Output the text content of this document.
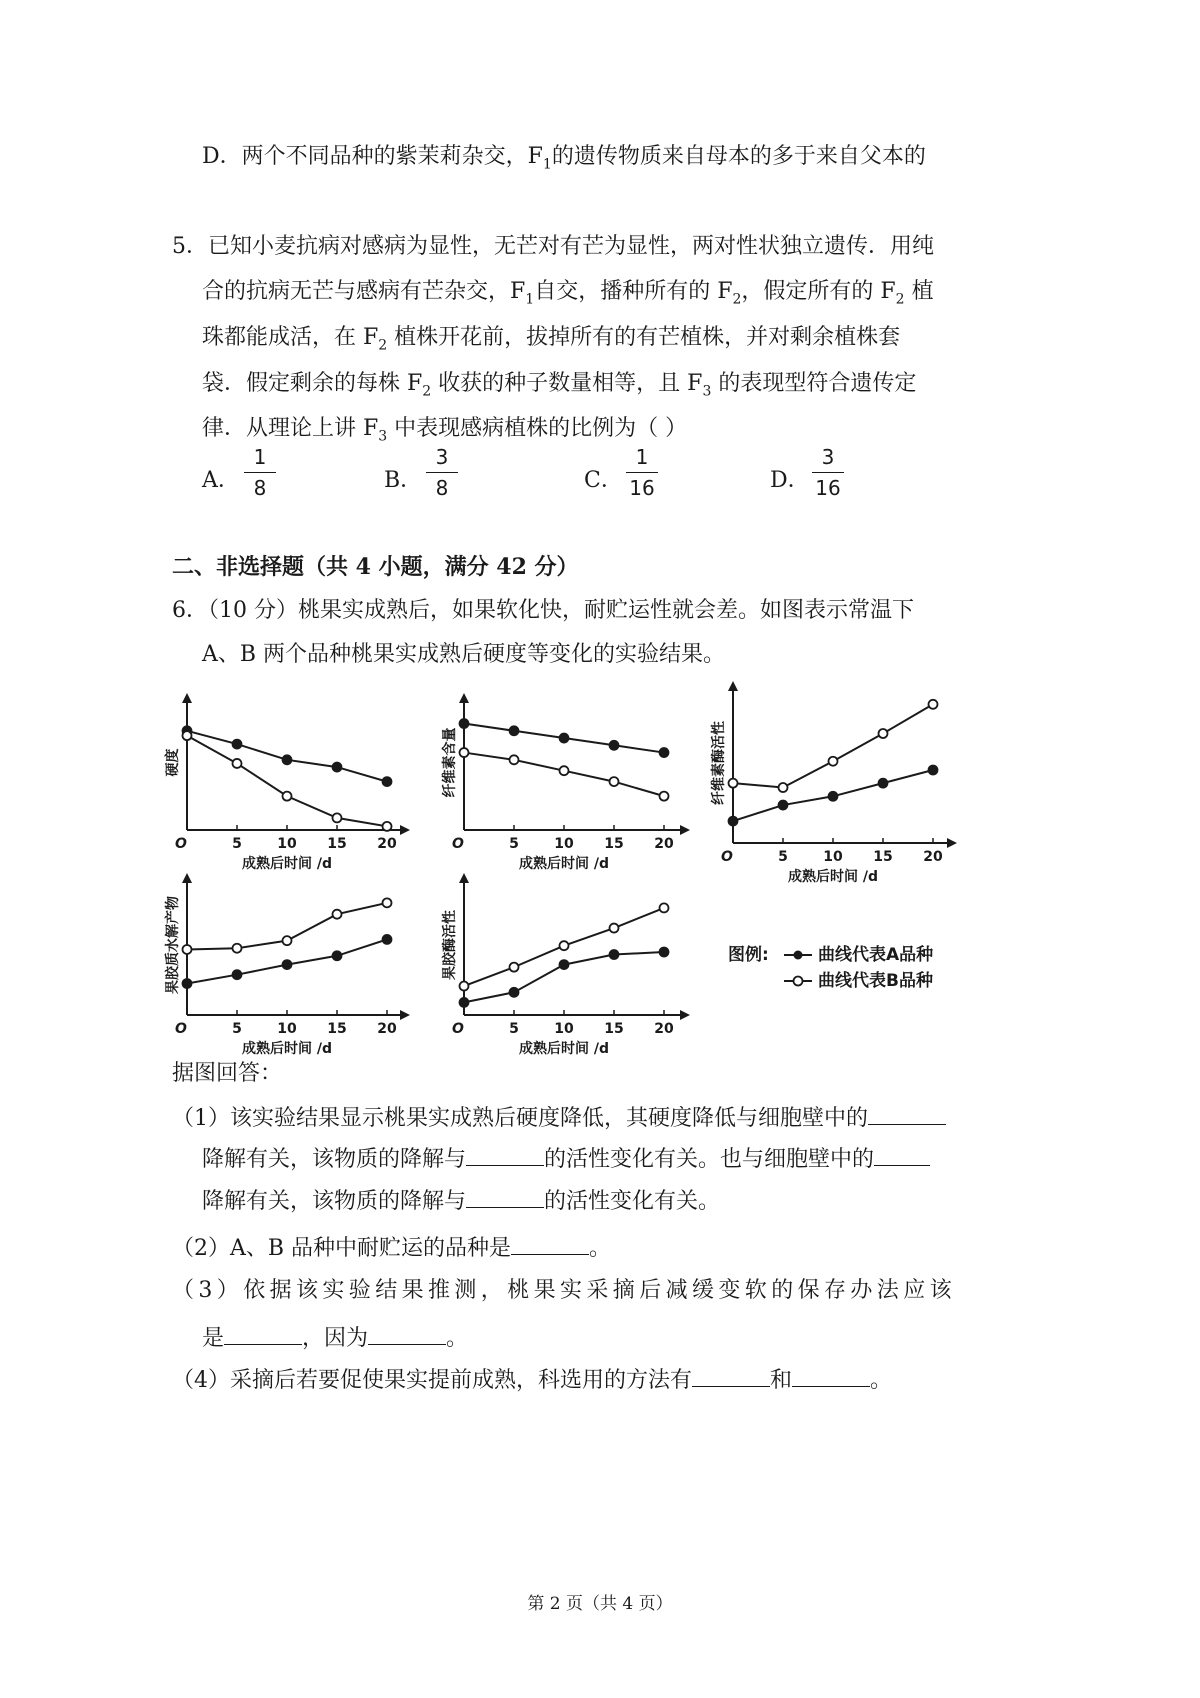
D．两个不同品种的紫茉莉杂交，$F_1$的遗传物质来自母本的多于来自父本的
5．已知小麦抗病对感病为显性，无芒对有芒为显性，两对性状独立遗传．用纯
合的抗病无芒与感病有芒杂交，$F_1$自交，播种所有的 $F_2$，假定所有的 $F_2$ 植
珠都能成活，在 $F_2$ 植株开花前，拔掉所有的有芒植株，并对剩余植株套
袋．假定剩余的每株 $F_2$ 收获的种子数量相等，且 $F_3$ 的表现型符合遗传定
律．从理论上讲 $F_3$ 中表现感病植株的比例为（ ）
A．
1
8	B．
3
8	C．
1
16	D．
3
16
二、非选择题（共 4 小题，满分 42 分）
6．（10 分）桃果实成熟后，如果软化快，耐贮运性就会差。如图表示常温下
A、B 两个品种桃果实成熟后硬度等变化的实验结果。
O	5	10 15 20
成熟后时间 /d
硬度
O	5	10 15 20
成熟后时间 /d
纤维素含量
O	5	10 15 20
成熟后时间 /d
纤维素酶活性
O	5	10 15 20
成熟后时间 /d
果胶质水解产物
O	5	10 15 20
成熟后时间 /d
果胶酶活性	图例:	曲线代表A品种
曲线代表B品种
据图回答：
（1）该实验结果显示桃果实成熟后硬度降低，其硬度降低与细胞壁中的
降解有关，该物质的降解与	的活性变化有关。也与细胞壁中的
降解有关，该物质的降解与	的活性变化有关。
（2）A、B 品种中耐贮运的品种是	。
（3）依据该实验结果推测，桃果实采摘后减缓变软的保存办法应该
是	，因为	。
（4）采摘后若要促使果实提前成熟，科选用的方法有	和	。
第 2 页（共 4 页）
